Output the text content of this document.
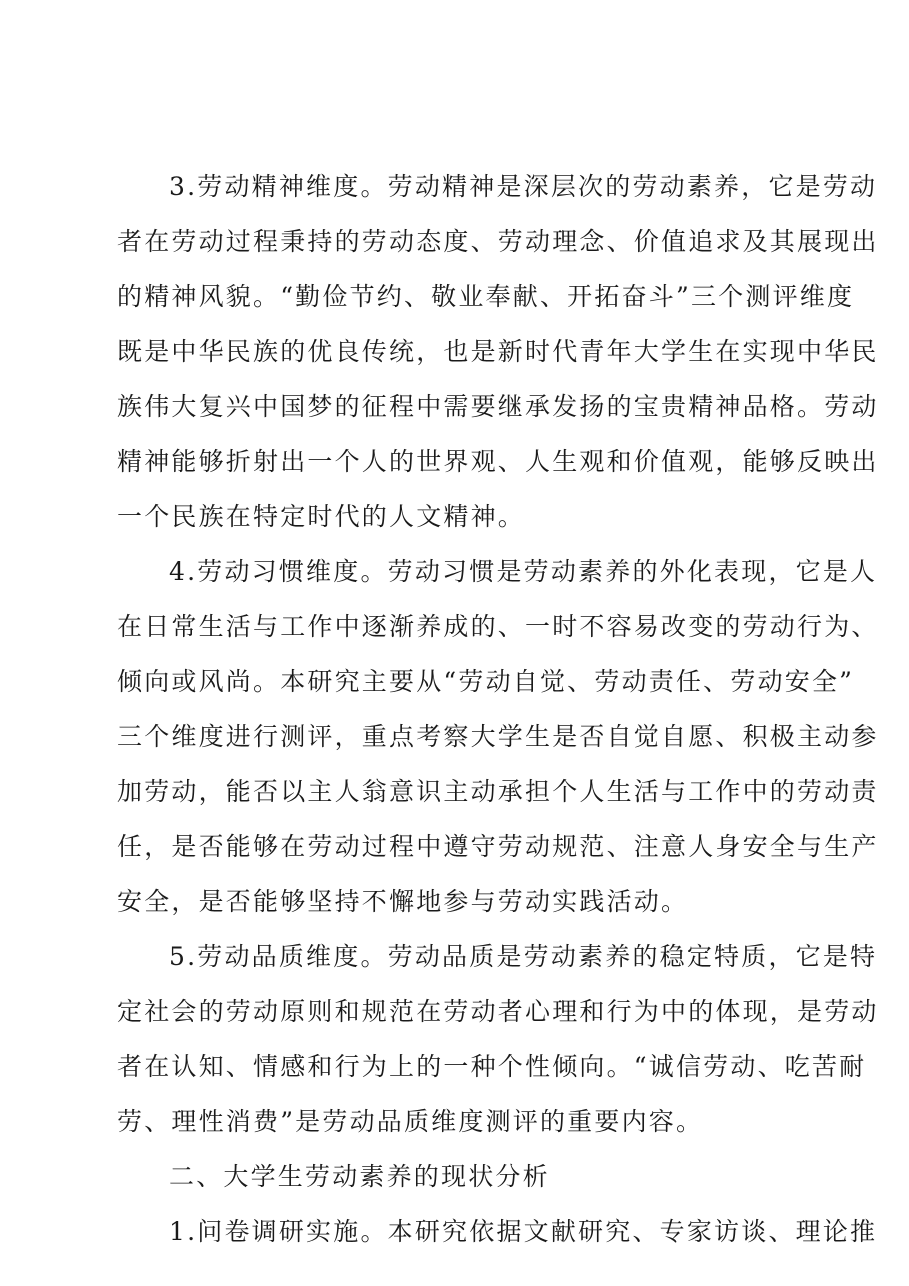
3.劳动精神维度。劳动精神是深层次的劳动素养，它是劳动
者在劳动过程秉持的劳动态度、劳动理念、价值追求及其展现出
的精神风貌。“勤俭节约、敬业奉献、开拓奋斗”三个测评维度
既是中华民族的优良传统，也是新时代青年大学生在实现中华民
族伟大复兴中国梦的征程中需要继承发扬的宝贵精神品格。劳动
精神能够折射出一个人的世界观、人生观和价值观，能够反映出
一个民族在特定时代的人文精神。
4.劳动习惯维度。劳动习惯是劳动素养的外化表现，它是人
在日常生活与工作中逐渐养成的、一时不容易改变的劳动行为、
倾向或风尚。本研究主要从“劳动自觉、劳动责任、劳动安全”
三个维度进行测评，重点考察大学生是否自觉自愿、积极主动参
加劳动，能否以主人翁意识主动承担个人生活与工作中的劳动责
任，是否能够在劳动过程中遵守劳动规范、注意人身安全与生产
安全，是否能够坚持不懈地参与劳动实践活动。
5.劳动品质维度。劳动品质是劳动素养的稳定特质，它是特
定社会的劳动原则和规范在劳动者心理和行为中的体现，是劳动
者在认知、情感和行为上的一种个性倾向。“诚信劳动、吃苦耐
劳、理性消费”是劳动品质维度测评的重要内容。
二、大学生劳动素养的现状分析
1.问卷调研实施。本研究依据文献研究、专家访谈、理论推
